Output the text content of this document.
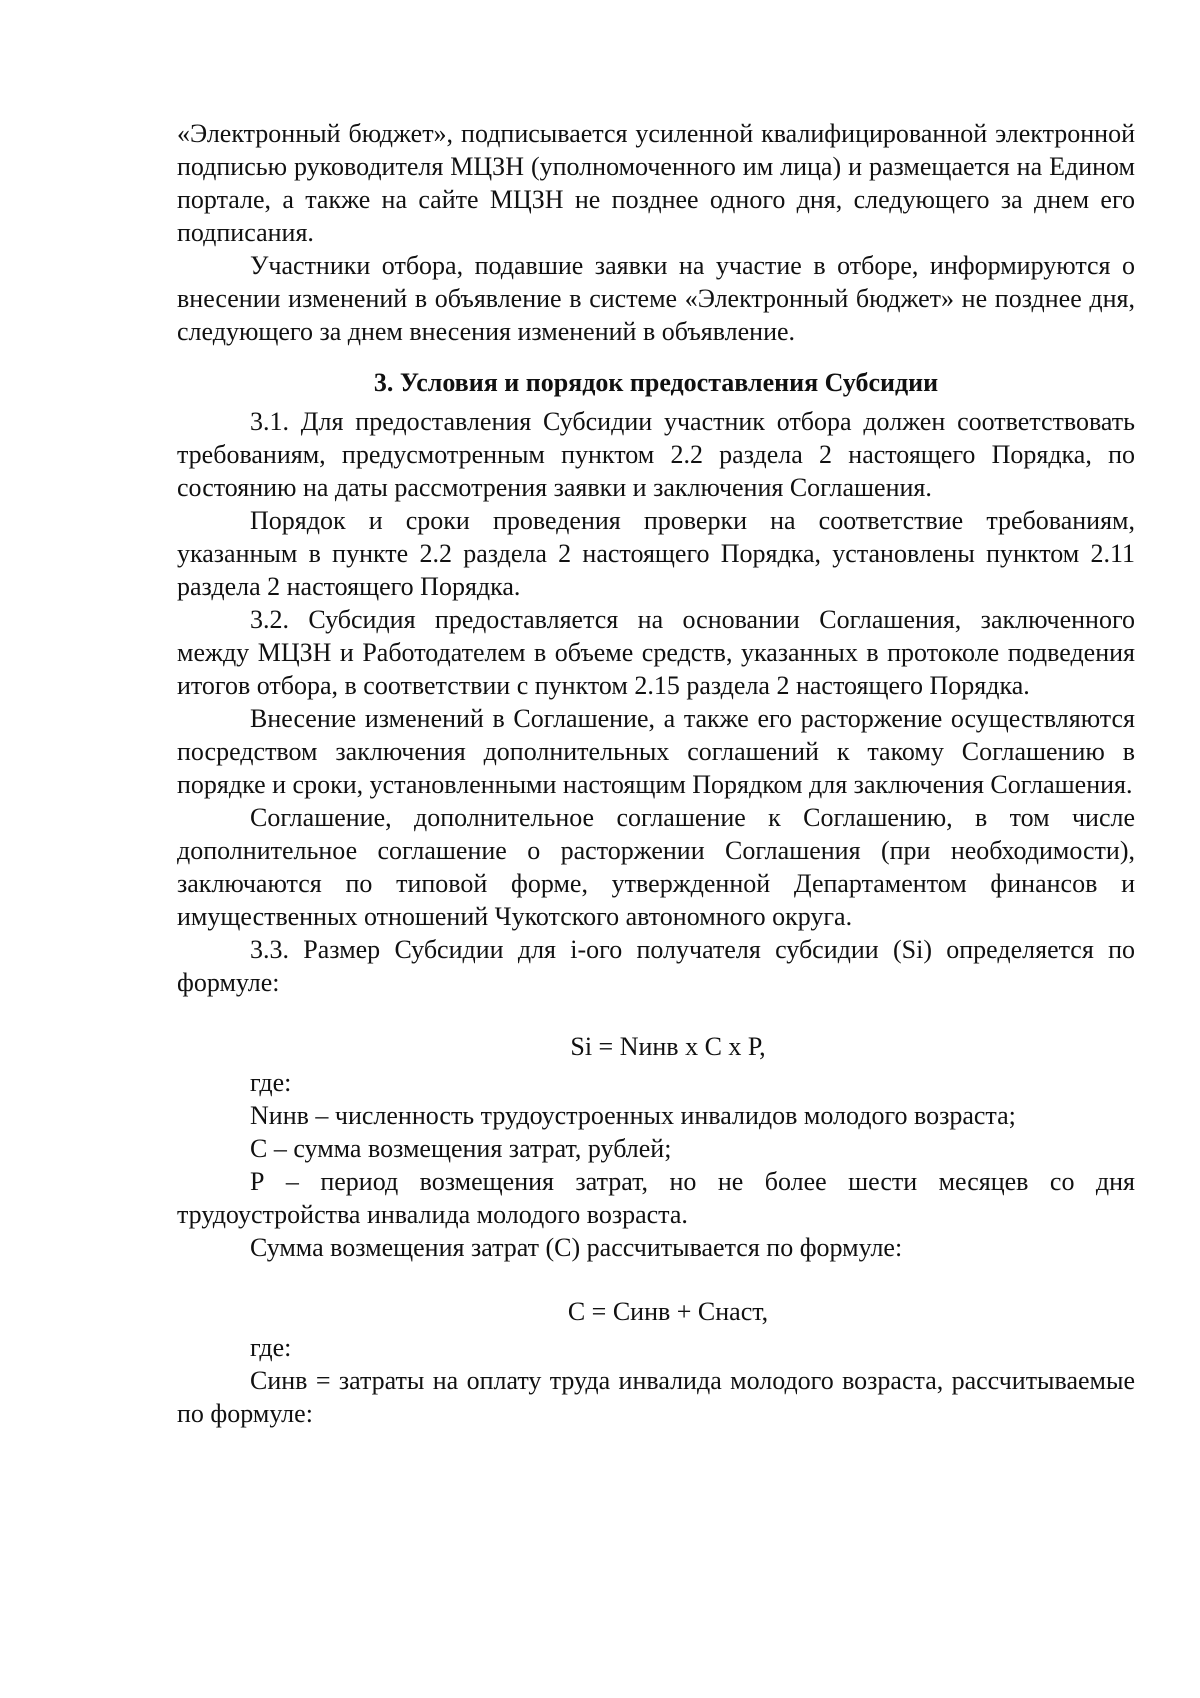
«Электронный бюджет», подписывается усиленной квалифицированной электронной подписью руководителя МЦЗН (уполномоченного им лица) и размещается на Едином портале, а также на сайте МЦЗН не позднее одного дня, следующего за днем его подписания.

Участники отбора, подавшие заявки на участие в отборе, информируются о внесении изменений в объявление в системе «Электронный бюджет» не позднее дня, следующего за днем внесения изменений в объявление.

3. Условия и порядок предоставления Субсидии

3.1. Для предоставления Субсидии участник отбора должен соответствовать требованиям, предусмотренным пунктом 2.2 раздела 2 настоящего Порядка, по состоянию на даты рассмотрения заявки и заключения Соглашения.

Порядок и сроки проведения проверки на соответствие требованиям, указанным в пункте 2.2 раздела 2 настоящего Порядка, установлены пунктом 2.11 раздела 2 настоящего Порядка.

3.2. Субсидия предоставляется на основании Соглашения, заключенного между МЦЗН и Работодателем в объеме средств, указанных в протоколе подведения итогов отбора, в соответствии с пунктом 2.15 раздела 2 настоящего Порядка.

Внесение изменений в Соглашение, а также его расторжение осуществляются посредством заключения дополнительных соглашений к такому Соглашению в порядке и сроки, установленными настоящим Порядком для заключения Соглашения.

Соглашение, дополнительное соглашение к Соглашению, в том числе дополнительное соглашение о расторжении Соглашения (при необходимости), заключаются по типовой форме, утвержденной Департаментом финансов и имущественных отношений Чукотского автономного округа.

3.3. Размер Субсидии для i-ого получателя субсидии (Si) определяется по формуле:

Si = Nинв x С x Р,

где:

Nинв – численность трудоустроенных инвалидов молодого возраста;

С – сумма возмещения затрат, рублей;

Р – период возмещения затрат, но не более шести месяцев со дня трудоустройства инвалида молодого возраста.

Сумма возмещения затрат (С) рассчитывается по формуле:

С = Синв + Снаст,

где:

Синв = затраты на оплату труда инвалида молодого возраста, рассчитываемые по формуле:
